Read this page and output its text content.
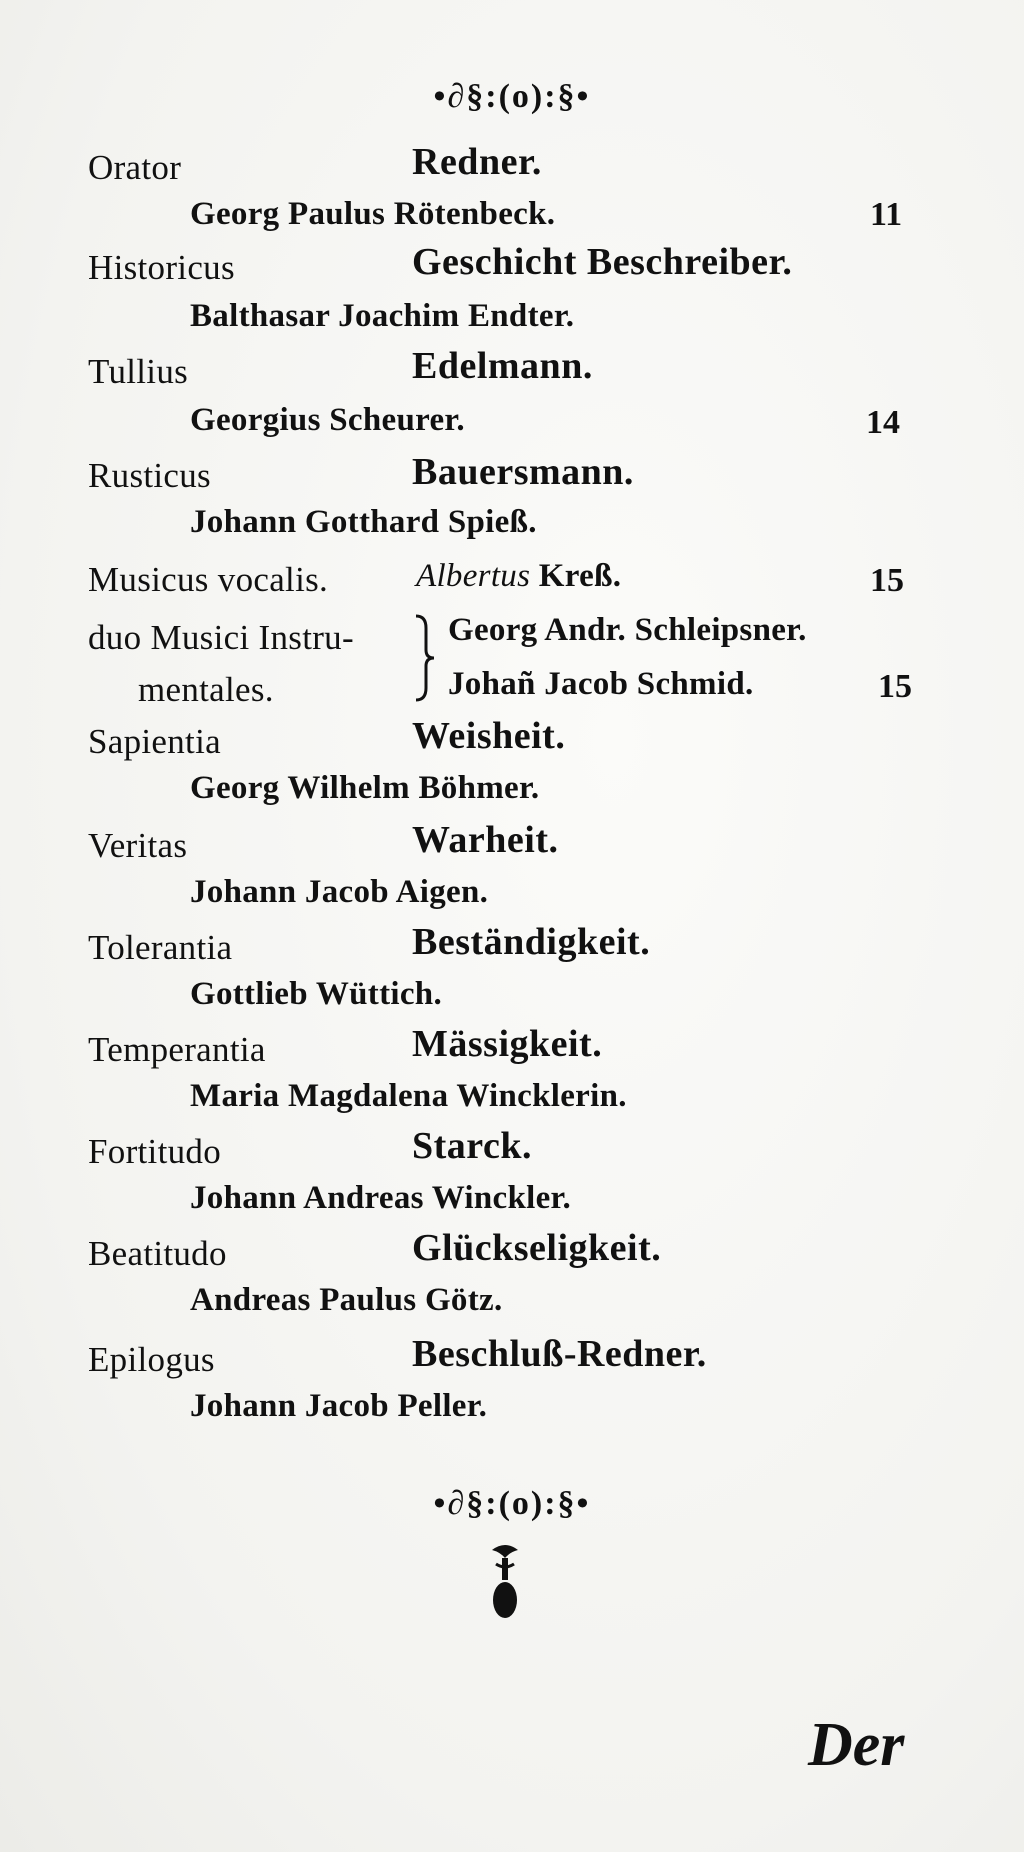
•∂§:(o):§•
Orator	Redner.
Georg Paulus Rötenbeck.	11
Historicus	Geschicht Beschreiber.
Balthasar Joachim Endter.
Tullius	Edelmann.
Georgius Scheurer.	14
Rusticus	Bauersmann.
Johann Gotthard Spieß.
Musicus vocalis.	Albertus Kreß.	15
duo Musici Instru-
mentales.
Georg Andr. Schleipsner.
Johañ Jacob Schmid.	15
Sapientia	Weisheit.
Georg Wilhelm Böhmer.
Veritas	Warheit.
Johann Jacob Aigen.
Tolerantia	Beständigkeit.
Gottlieb Wüttich.
Temperantia	Mässigkeit.
Maria Magdalena Wincklerin.
Fortitudo	Starck.
Johann Andreas Winckler.
Beatitudo	Glückseligkeit.
Andreas Paulus Götz.
Epilogus	Beschluß-Redner.
Johann Jacob Peller.
•∂§:(o):§•
Der
